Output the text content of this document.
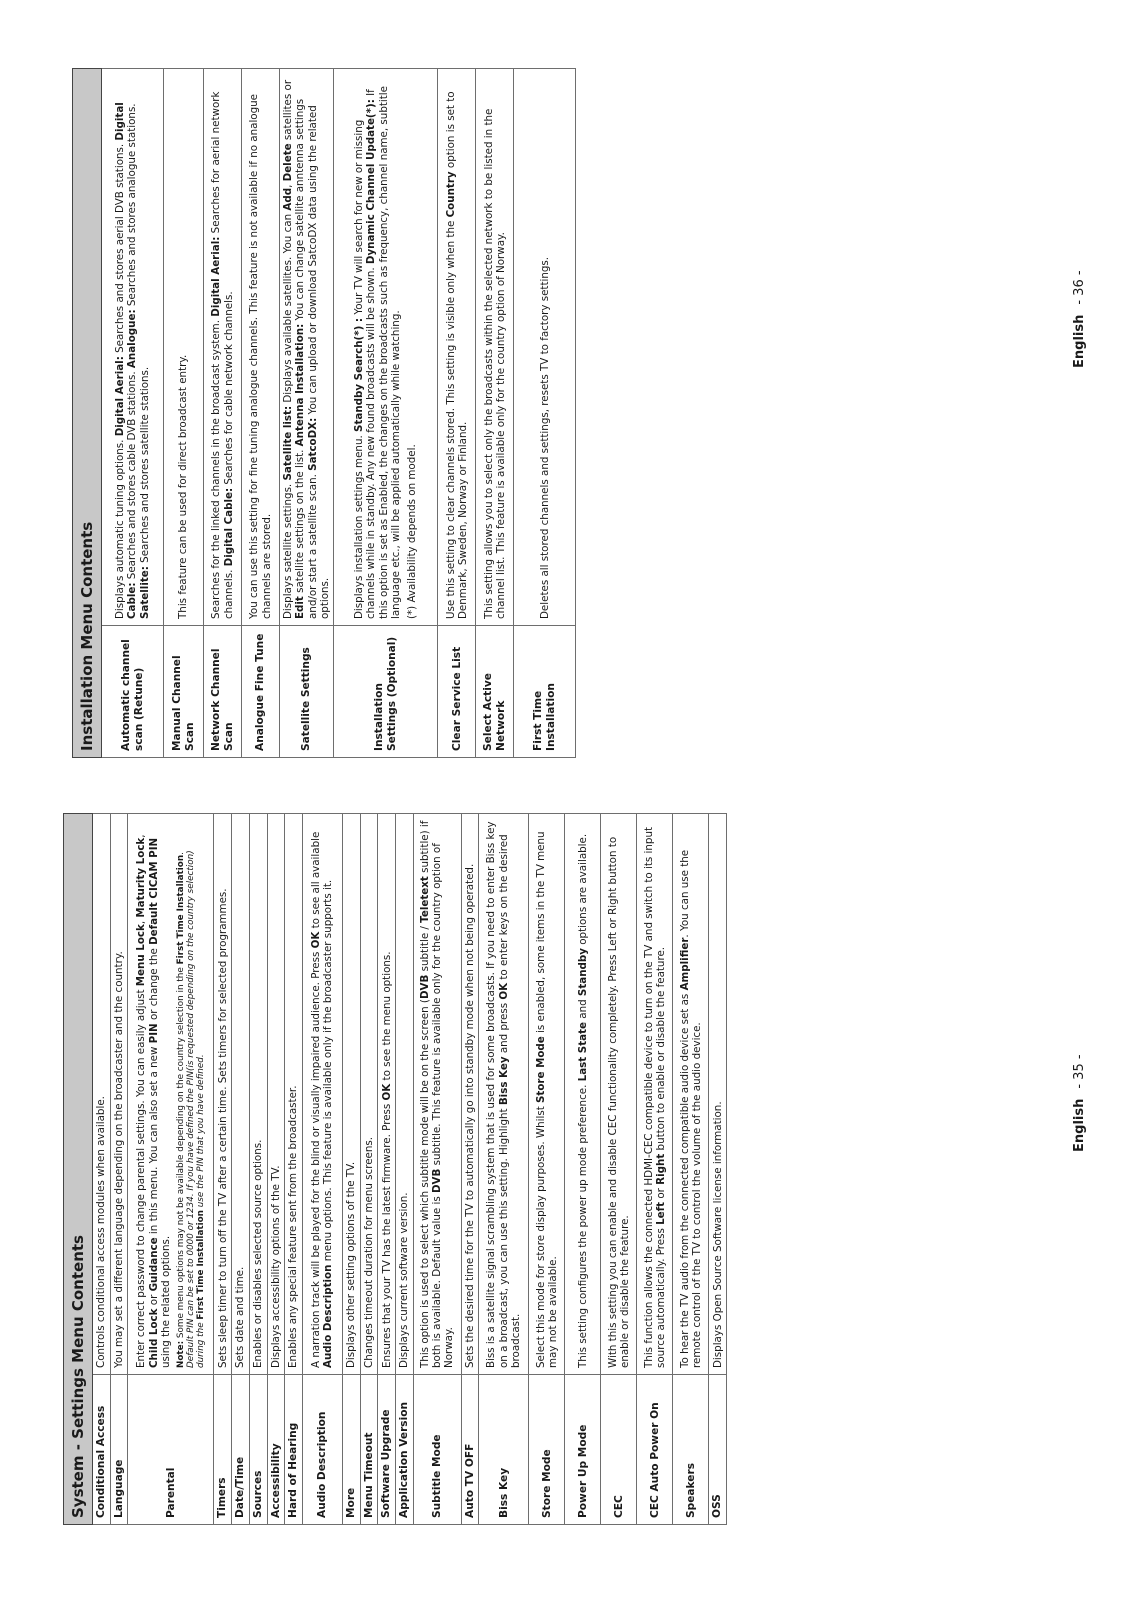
System - Settings Menu Contents	
Conditional Access	Controls conditional access modules when available.
Language	You may set a different language depending on the broadcaster and the country.
Parental	Enter correct password to change parental settings. You can easily adjust Menu Lock, Maturity Lock, Child Lock or Guidance in this menu. You can also set a new PIN or change the Default CICAM PIN using the related options. Note: Some menu options may not be available depending on the country selection in the First Time Installation. Default PIN can be set to 0000 or 1234. If you have defined the PIN(is requested depending on the country selection) during the First Time Installation use the PIN that you have defined.

Timers	Sets sleep timer to turn off the TV after a certain time. Sets timers for selected programmes.
Date/Time	Sets date and time.
Sources	Enables or disables selected source options.
Accessibility	Displays accessibility options of the TV.
Hard of Hearing	Enables any special feature sent from the broadcaster.
Audio Description	A narration track will be played for the blind or visually impaired audience. Press OK to see all available Audio Description menu options. This feature is available only if the broadcaster supports it.
More	Displays other setting options of the TV.
Menu Timeout	Changes timeout duration for menu screens.
Software Upgrade	Ensures that your TV has the latest firmware. Press OK to see the menu options.
Application Version	Displays current software version.
Subtitle Mode	This option is used to select which subtitle mode will be on the screen (DVB subtitle / Teletext subtitle) if both is available. Default value is DVB subtitle. This feature is available only for the country option of Norway.
Auto TV OFF	Sets the desired time for the TV to automatically go into standby mode when not being operated.
Biss Key	Biss is a satellite signal scrambling system that is used for some broadcasts. If you need to enter Biss key on a broadcast, you can use this setting. Highlight Biss Key and press OK to enter keys on the desired broadcast.
Store Mode	Select this mode for store display purposes. Whilst Store Mode is enabled, some items in the TV menu may not be available.
Power Up Mode	This setting configures the power up mode preference. Last State and Standby options are available.
CEC	With this setting you can enable and disable CEC functionality completely. Press Left or Right button to enable or disable the feature.
CEC Auto Power On	This function allows the connected HDMI-CEC compatible device to turn on the TV and switch to its input source automatically. Press Left or Right button to enable or disable the feature.
Speakers	To hear the TV audio from the connected compatible audio device set as Amplifier. You can use the remote control of the TV to control the volume of the audio device.
OSS	Displays Open Source Software license information.
Installation Menu Contents	
Automatic channel scan (Retune)	Displays automatic tuning options. Digital Aerial: Searches and stores aerial DVB stations. Digital Cable: Searches and stores cable DVB stations. Analogue: Searches and stores analogue stations. Satellite: Searches and stores satellite stations.
Manual Channel Scan	This feature can be used for direct broadcast entry.
Network Channel Scan	Searches for the linked channels in the broadcast system. Digital Aerial: Searches for aerial network channels. Digital Cable: Searches for cable network channels.
Analogue Fine Tune	You can use this setting for fine tuning analogue channels. This feature is not available if no analogue channels are stored.
Satellite Settings	Displays satellite settings. Satellite list: Displays available satellites. You can Add, Delete satellites or Edit satellite settings on the list. Antenna Installation: You can change satellite anntenna settings and/or start a satellite scan. SatcoDX: You can upload or download SatcoDX data using the related options.
Installation Settings (Optional)	Displays installation settings menu. Standby Search(*) : Your TV will search for new or missing channels while in standby. Any new found broadcasts will be shown. Dynamic Channel Update(*): If this option is set as Enabled, the changes on the broadcasts such as frequency, channel name, subtitle language etc., will be applied automatically while watching. (*) Availability depends on model.

Clear Service List	Use this setting to clear channels stored. This setting is visible only when the Country option is set to Denmark, Sweden, Norway or Finland.
Select Active Network	This setting allows you to select only the broadcasts within the selected network to be listed in the channel list. This feature is available only for the country option of Norway.
First Time Installation	Deletes all stored channels and settings, resets TV to factory settings.
English- 35 -
English- 36 -
